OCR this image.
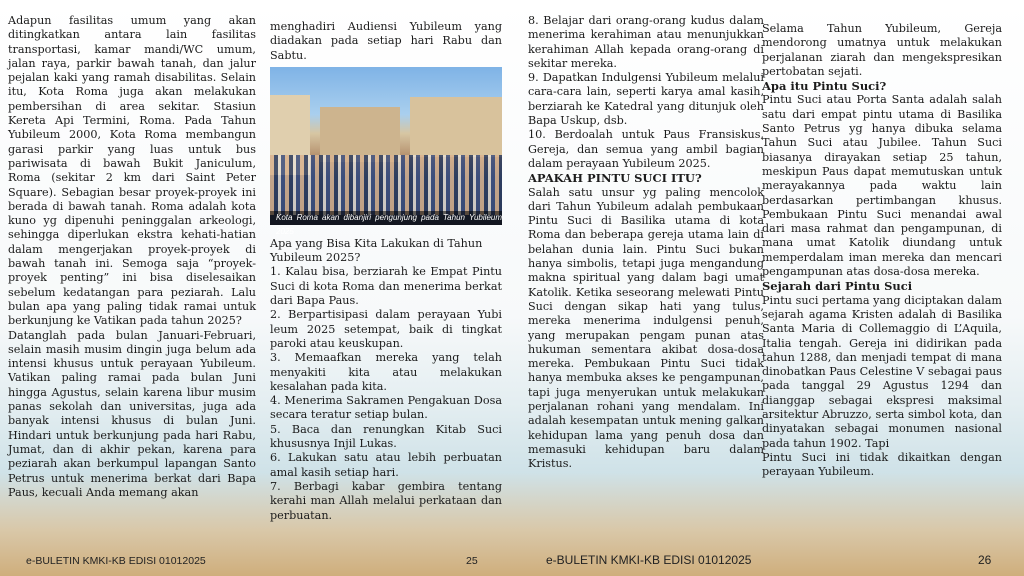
Adapun fasilitas umum yang akan ditingkatkan antara lain fasilitas transportasi, kamar mandi/WC umum, jalan raya, parkir bawah tanah, dan jalur pejalan kaki yang ramah disabilitas. Selain itu, Kota Roma juga akan melakukan pembersihan di area sekitar. Stasiun Kereta Api Termini, Roma. Pada Tahun Yubileum 2000, Kota Roma membangun garasi parkir yang luas untuk bus pariwisata di bawah Bukit Janiculum, Roma (sekitar 2 km dari Saint Peter Square). Sebagian besar proyek-proyek ini berada di bawah tanah. Roma adalah kota kuno yg dipenuhi peninggalan arkeologi, sehingga diperlukan ekstra kehati-hatian dalam mengerjakan proyek-proyek di bawah tanah ini. Semoga saja “proyek-proyek penting” ini bisa diselesaikan sebelum kedatangan para peziarah. Lalu bulan apa yang paling tidak ramai untuk berkunjung ke Vatikan pada tahun 2025?

Datanglah pada bulan Januari-Februari, selain masih musim dingin juga belum ada intensi khusus untuk perayaan Yubileum. Vatikan paling ramai pada bulan Juni hingga Agustus, selain karena libur musim panas sekolah dan universitas, juga ada banyak intensi khusus di bulan Juni. Hindari untuk berkunjung pada hari Rabu, Jumat, dan di akhir pekan, karena para peziarah akan berkumpul lapangan Santo Petrus untuk menerima berkat dari Bapa Paus, kecuali Anda memang akan

menghadiri Audiensi Yubileum yang diadakan pada setiap hari Rabu dan Sabtu.

Kota Roma akan dibanjiri pengunjung pada Tahun Yubileum 2025

Apa yang Bisa Kita Lakukan di Tahun Yubileum 2025?

1. Kalau bisa, berziarah ke Empat Pintu Suci di kota Roma dan menerima berkat dari Bapa Paus.

2. Berpartisipasi dalam perayaan Yubi leum 2025 setempat, baik di tingkat paroki atau keuskupan.

3. Memaafkan mereka yang telah menyakiti kita atau melakukan kesalahan pada kita.

4. Menerima Sakramen Pengakuan Dosa secara teratur setiap bulan.

5. Baca dan renungkan Kitab Suci khususnya Injil Lukas.

6. Lakukan satu atau lebih perbuatan amal kasih setiap hari.

7. Berbagi kabar gembira tentang kerahi man Allah melalui perkataan dan perbuatan.

e-BULETIN KMKI-KB EDISI 01012025	25

8. Belajar dari orang-orang kudus dalam menerima kerahiman atau menunjukkan kerahiman Allah kepada orang-orang di sekitar mereka.

9. Dapatkan Indulgensi Yubileum melalui cara-cara lain, seperti karya amal kasih, berziarah ke Katedral yang ditunjuk oleh Bapa Uskup, dsb.

10. Berdoalah untuk Paus Fransiskus, Gereja, dan semua yang ambil bagian dalam perayaan Yubileum 2025.

APAKAH PINTU SUCI ITU?

Salah satu unsur yg paling mencolok dari Tahun Yubileum adalah pembukaan Pintu Suci di Basilika utama di kota Roma dan beberapa gereja utama lain di belahan dunia lain. Pintu Suci bukan hanya simbolis, tetapi juga mengandung makna spiritual yang dalam bagi umat Katolik. Ketika seseorang melewati Pintu Suci dengan sikap hati yang tulus, mereka menerima indulgensi penuh, yang merupakan pengam punan atas hukuman sementara akibat dosa-dosa mereka. Pembukaan Pintu Suci tidak hanya membuka akses ke pengampunan, tapi juga menyerukan untuk melakukan perjalanan rohani yang mendalam. Ini adalah kesempatan untuk mening galkan kehidupan lama yang penuh dosa dan memasuki kehidupan baru dalam Kristus.

Selama Tahun Yubileum, Gereja mendorong umatnya untuk melakukan perjalanan ziarah dan mengekspresikan pertobatan sejati.

Apa itu Pintu Suci?

Pintu Suci atau Porta Santa adalah salah satu dari empat pintu utama di Basilika Santo Petrus yg hanya dibuka selama Tahun Suci atau Jubilee. Tahun Suci biasanya dirayakan setiap 25 tahun, meskipun Paus dapat memutuskan untuk merayakannya pada waktu lain berdasarkan pertimbangan khusus. Pembukaan Pintu Suci menandai awal dari masa rahmat dan pengampunan, di mana umat Katolik diundang untuk memperdalam iman mereka dan mencari pengampunan atas dosa-dosa mereka.

Sejarah dari Pintu Suci

Pintu suci pertama yang diciptakan dalam sejarah agama Kristen adalah di Basilika Santa Maria di Collemaggio di L’Aquila, Italia tengah. Gereja ini didirikan pada tahun 1288, dan menjadi tempat di mana dinobatkan Paus Celestine V sebagai paus pada tanggal 29 Agustus 1294 dan dianggap sebagai ekspresi maksimal arsitektur Abruzzo, serta simbol kota, dan dinyatakan sebagai monumen nasional pada tahun 1902. Tapi

Pintu Suci ini tidak dikaitkan dengan perayaan Yubileum.

e-BULETIN KMKI-KB EDISI 01012025	26
